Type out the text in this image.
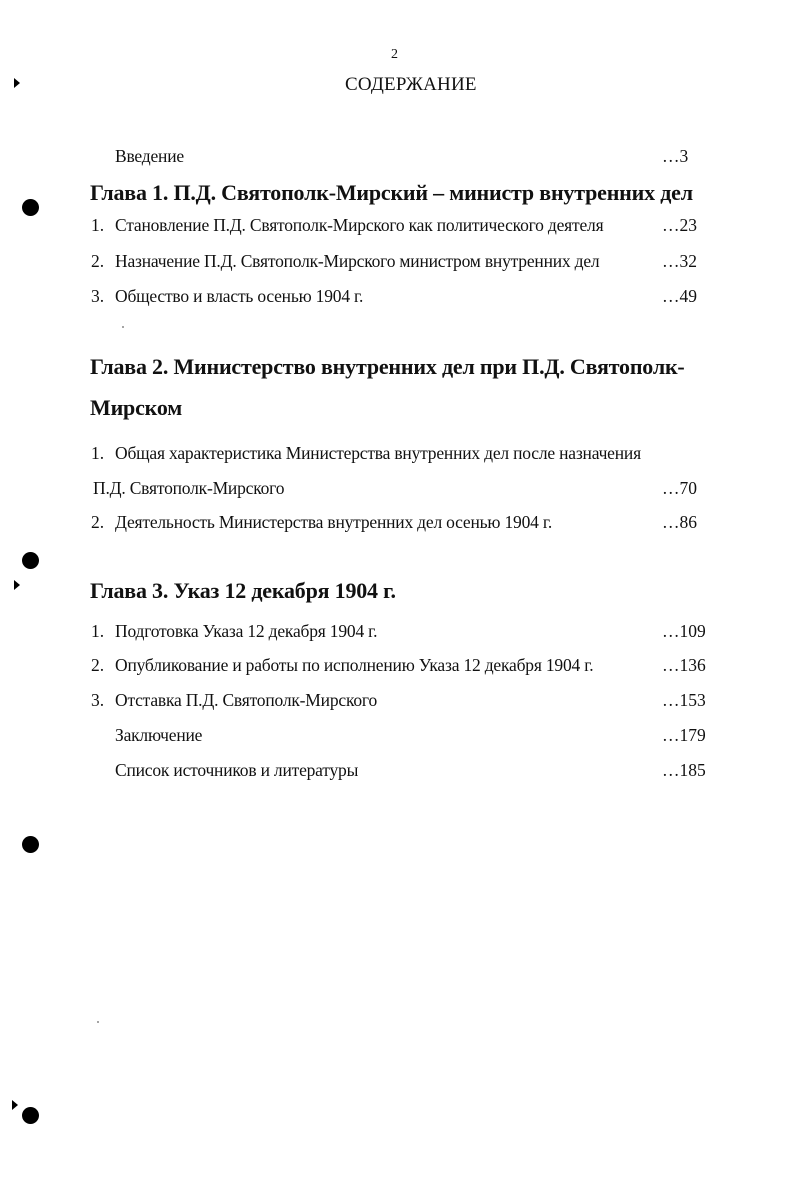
2
СОДЕРЖАНИЕ
Введение	…3
Глава 1. П.Д. Святополк-Мирский – министр внутренних дел
1. Становление П.Д. Святополк-Мирского как политического деятеля	…23
2. Назначение П.Д. Святополк-Мирского министром внутренних дел	…32
3. Общество и власть осенью 1904 г.	…49
Глава 2. Министерство внутренних дел при П.Д. Святополк-
Мирском
1. Общая характеристика Министерства внутренних дел после назначения
П.Д. Святополк-Мирского	…70
2. Деятельность Министерства внутренних дел осенью 1904 г.	…86
Глава 3. Указ 12 декабря 1904 г.
1. Подготовка Указа 12 декабря 1904 г.	…109
2. Опубликование и работы по исполнению Указа 12 декабря 1904 г.	…136
3. Отставка П.Д. Святополк-Мирского	…153
Заключение	…179
Список источников и литературы	…185
